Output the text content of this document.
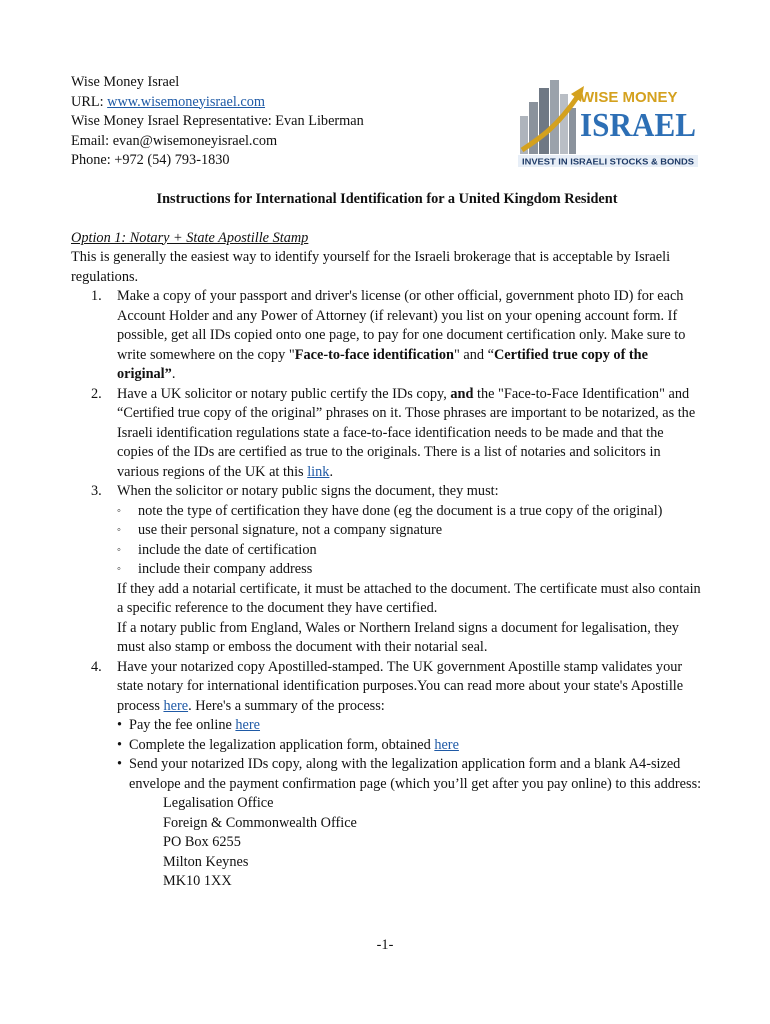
Wise Money Israel
URL: www.wisemoneyisrael.com
Wise Money Israel Representative: Evan Liberman
Email: evan@wisemoneyisrael.com
Phone: +972 (54) 793-1830
WISE MONEY
ISRAEL
INVEST IN ISRAELI STOCKS & BONDS
Instructions for International Identification for a United Kingdom Resident
Option 1: Notary + State Apostille Stamp

This is generally the easiest way to identify yourself for the Israeli brokerage that is acceptable by Israeli regulations.

1. Make a copy of your passport and driver's license (or other official, government photo ID) for each Account Holder and any Power of Attorney (if relevant) you list on your opening account form. If possible, get all IDs copied onto one page, to pay for one document certification only. Make sure to write somewhere on the copy "Face-to-face identification" and “Certified true copy of the original”.
2. Have a UK solicitor or notary public certify the IDs copy, and the "Face-to-Face Identification" and “Certified true copy of the original” phrases on it. Those phrases are important to be notarized, as the Israeli identification regulations state a face-to-face identification needs to be made and that the copies of the IDs are certified as true to the originals. There is a list of notaries and solicitors in various regions of the UK at this link.
3. When the solicitor or notary public signs the document, they must:
◦ note the type of certification they have done (eg the document is a true copy of the original)
◦ use their personal signature, not a company signature
◦ include the date of certification
◦ include their company address
If they add a notarial certificate, it must be attached to the document. The certificate must also contain a specific reference to the document they have certified.
If a notary public from England, Wales or Northern Ireland signs a document for legalisation, they must also stamp or emboss the document with their notarial seal.
4. Have your notarized copy Apostilled-stamped. The UK government Apostille stamp validates your state notary for international identification purposes.You can read more about your state's Apostille process here. Here's a summary of the process:
• Pay the fee online here
• Complete the legalization application form, obtained here
• Send your notarized IDs copy, along with the legalization application form and a blank A4-sized envelope and the payment confirmation page (which you’ll get after you pay online) to this address:
Legalisation Office
Foreign & Commonwealth Office
PO Box 6255
Milton Keynes
MK10 1XX
-1-
